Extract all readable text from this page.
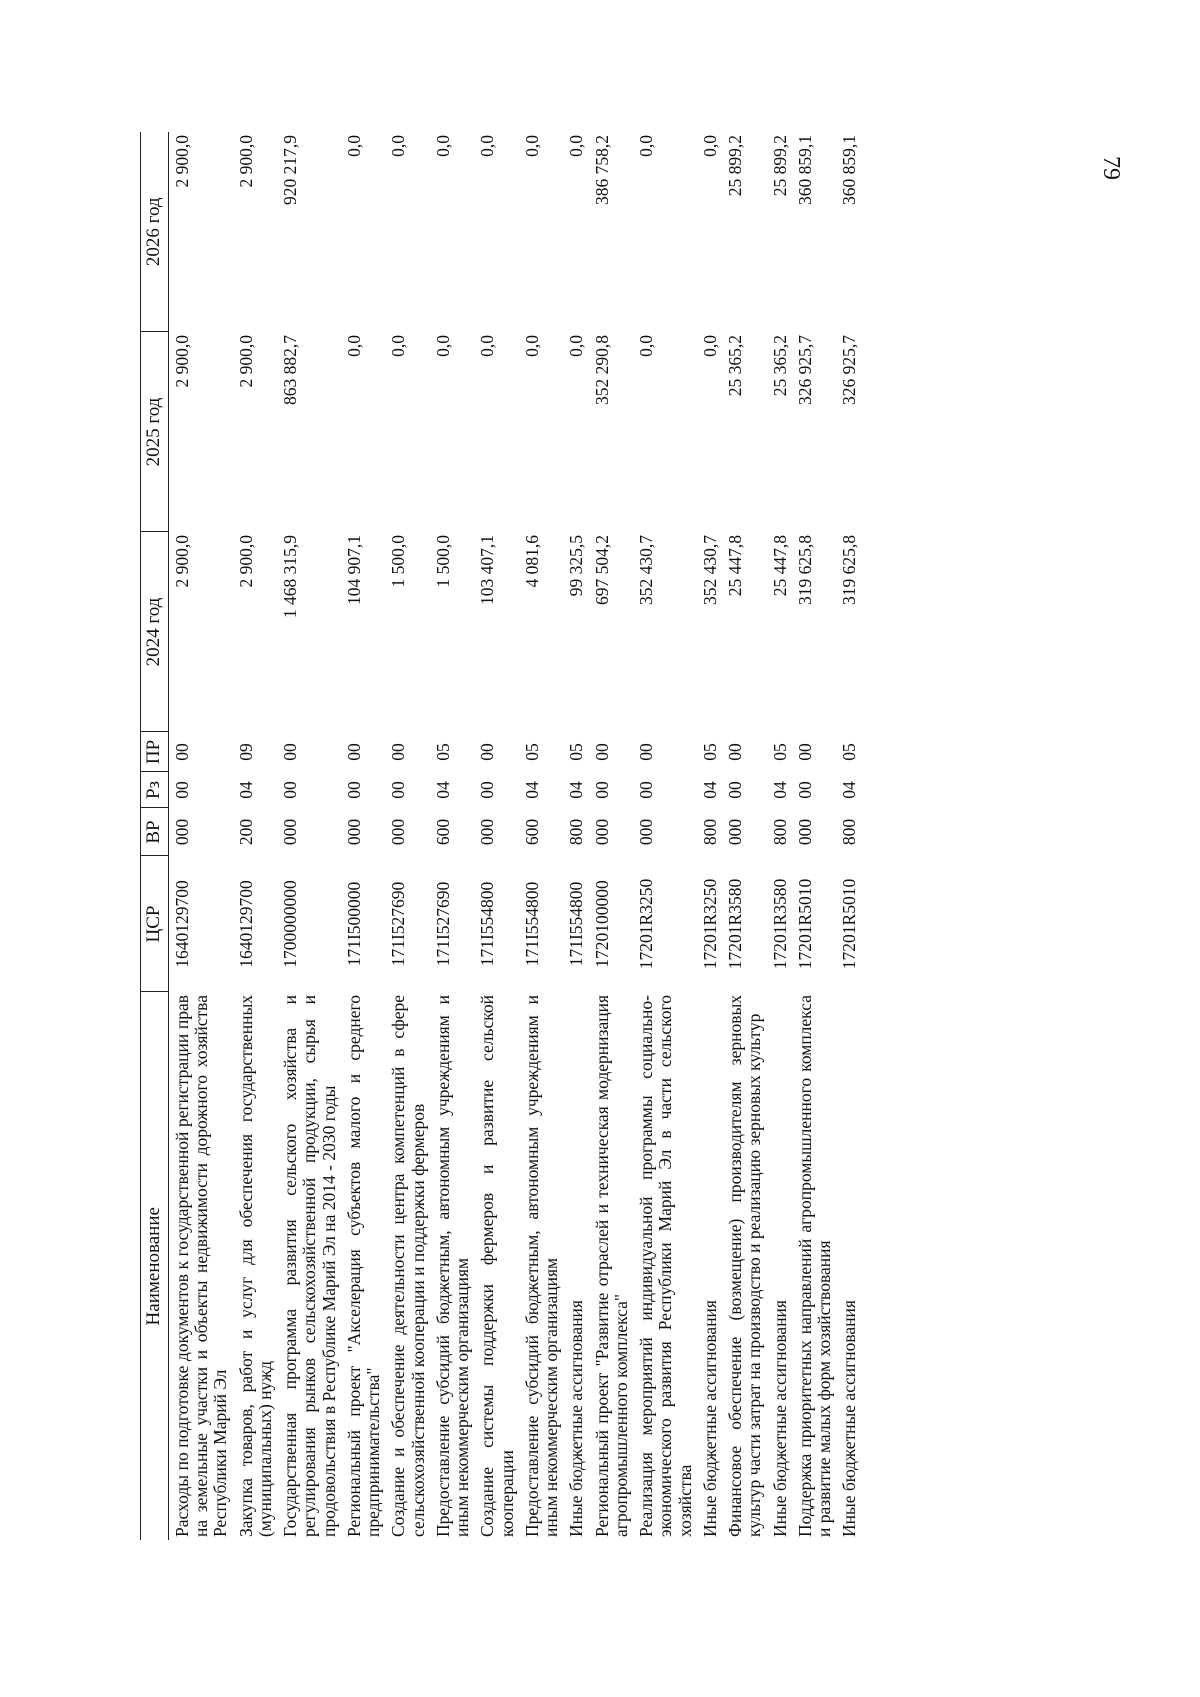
79
Наименование	ЦСР	ВР	Рз	ПР	2024 год	2025 год	2026 год
Расходы по подготовке документов к государственной регистрации прав на земельные участки и объекты недвижимости дорожного хозяйства Республики Марий Эл	1640129700	000	00	00	2 900,0	2 900,0	2 900,0
Закупка товаров, работ и услуг для обеспечения государственных (муниципальных) нужд	1640129700	200	04	09	2 900,0	2 900,0	2 900,0
Государственная программа развития сельского хозяйства и регулирования рынков сельскохозяйственной продукции, сырья и продовольствия в Республике Марий Эл на 2014 - 2030 годы	1700000000	000	00	00	1 468 315,9	863 882,7	920 217,9
Региональный проект "Акселерация субъектов малого и среднего предпринимательства"	171I500000	000	00	00	104 907,1	0,0	0,0
Создание и обеспечение деятельности центра компетенций в сфере сельскохозяйственной кооперации и поддержки фермеров	171I527690	000	00	00	1 500,0	0,0	0,0
Предоставление субсидий бюджетным, автономным учреждениям и иным некоммерческим организациям	171I527690	600	04	05	1 500,0	0,0	0,0
Создание системы поддержки фермеров и развитие сельской кооперации	171I554800	000	00	00	103 407,1	0,0	0,0
Предоставление субсидий бюджетным, автономным учреждениям и иным некоммерческим организациям	171I554800	600	04	05	4 081,6	0,0	0,0
Иные бюджетные ассигнования	171I554800	800	04	05	99 325,5	0,0	0,0
Региональный проект "Развитие отраслей и техническая модернизация агропромышленного комплекса"	1720100000	000	00	00	697 504,2	352 290,8	386 758,2
Реализация мероприятий индивидуальной программы социально-экономического развития Республики Марий Эл в части сельского хозяйства	17201R3250	000	00	00	352 430,7	0,0	0,0
Иные бюджетные ассигнования	17201R3250	800	04	05	352 430,7	0,0	0,0
Финансовое обеспечение (возмещение) производителям зерновых культур части затрат на производство и реализацию зерновых культур	17201R3580	000	00	00	25 447,8	25 365,2	25 899,2
Иные бюджетные ассигнования	17201R3580	800	04	05	25 447,8	25 365,2	25 899,2
Поддержка приоритетных направлений агропромышленного комплекса и развитие малых форм хозяйствования	17201R5010	000	00	00	319 625,8	326 925,7	360 859,1
Иные бюджетные ассигнования	17201R5010	800	04	05	319 625,8	326 925,7	360 859,1
